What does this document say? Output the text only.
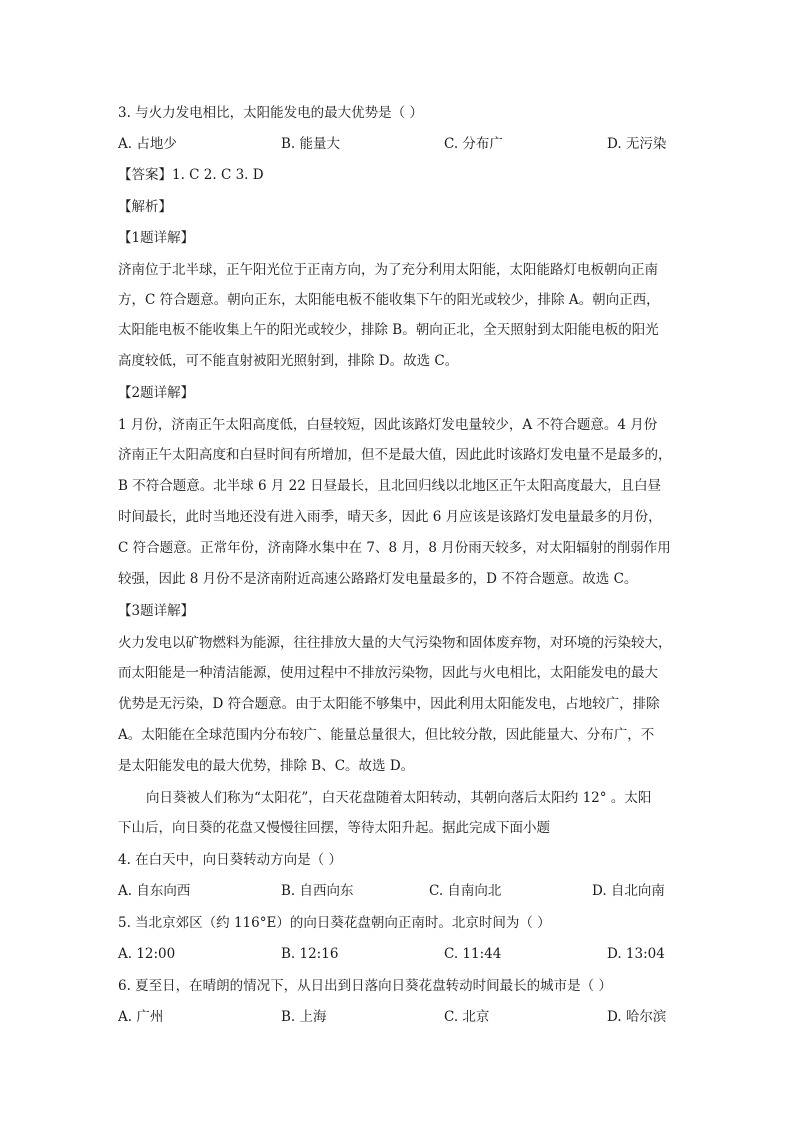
3. 与火力发电相比，太阳能发电的最大优势是（ ）
A. 占地少	B. 能量大	C. 分布广	D. 无污染
【答案】1. C 2. C 3. D
【解析】
【1题详解】
济南位于北半球，正午阳光位于正南方向，为了充分利用太阳能，太阳能路灯电板朝向正南
方，C 符合题意。朝向正东，太阳能电板不能收集下午的阳光或较少，排除 A。朝向正西，
太阳能电板不能收集上午的阳光或较少，排除 B。朝向正北，全天照射到太阳能电板的阳光
高度较低，可不能直射被阳光照射到，排除 D。故选 C。
【2题详解】
1 月份，济南正午太阳高度低，白昼较短，因此该路灯发电量较少，A 不符合题意。4 月份
济南正午太阳高度和白昼时间有所增加，但不是最大值，因此此时该路灯发电量不是最多的，
B 不符合题意。北半球 6 月 22 日昼最长，且北回归线以北地区正午太阳高度最大，且白昼
时间最长，此时当地还没有进入雨季，晴天多，因此 6 月应该是该路灯发电量最多的月份，
C 符合题意。正常年份，济南降水集中在 7、8 月，8 月份雨天较多，对太阳辐射的削弱作用
较强，因此 8 月份不是济南附近高速公路路灯发电量最多的，D 不符合题意。故选 C。
【3题详解】
火力发电以矿物燃料为能源，往往排放大量的大气污染物和固体废弃物，对环境的污染较大，
而太阳能是一种清洁能源，使用过程中不排放污染物，因此与火电相比，太阳能发电的最大
优势是无污染，D 符合题意。由于太阳能不够集中，因此利用太阳能发电，占地较广，排除
A。太阳能在全球范围内分布较广、能量总量很大，但比较分散，因此能量大、分布广，不
是太阳能发电的最大优势，排除 B、C。故选 D。
向日葵被人们称为“太阳花”，白天花盘随着太阳转动，其朝向落后太阳约 12° 。太阳
下山后，向日葵的花盘又慢慢往回摆，等待太阳升起。据此完成下面小题
4. 在白天中，向日葵转动方向是（ ）
A. 自东向西	B. 自西向东	C. 自南向北	D. 自北向南
5. 当北京郊区（约 116°E）的向日葵花盘朝向正南时。北京时间为（ ）
A. 12:00	B. 12:16	C. 11:44	D. 13:04
6. 夏至日，在晴朗的情况下，从日出到日落向日葵花盘转动时间最长的城市是（ ）
A. 广州	B. 上海	C. 北京	D. 哈尔滨
